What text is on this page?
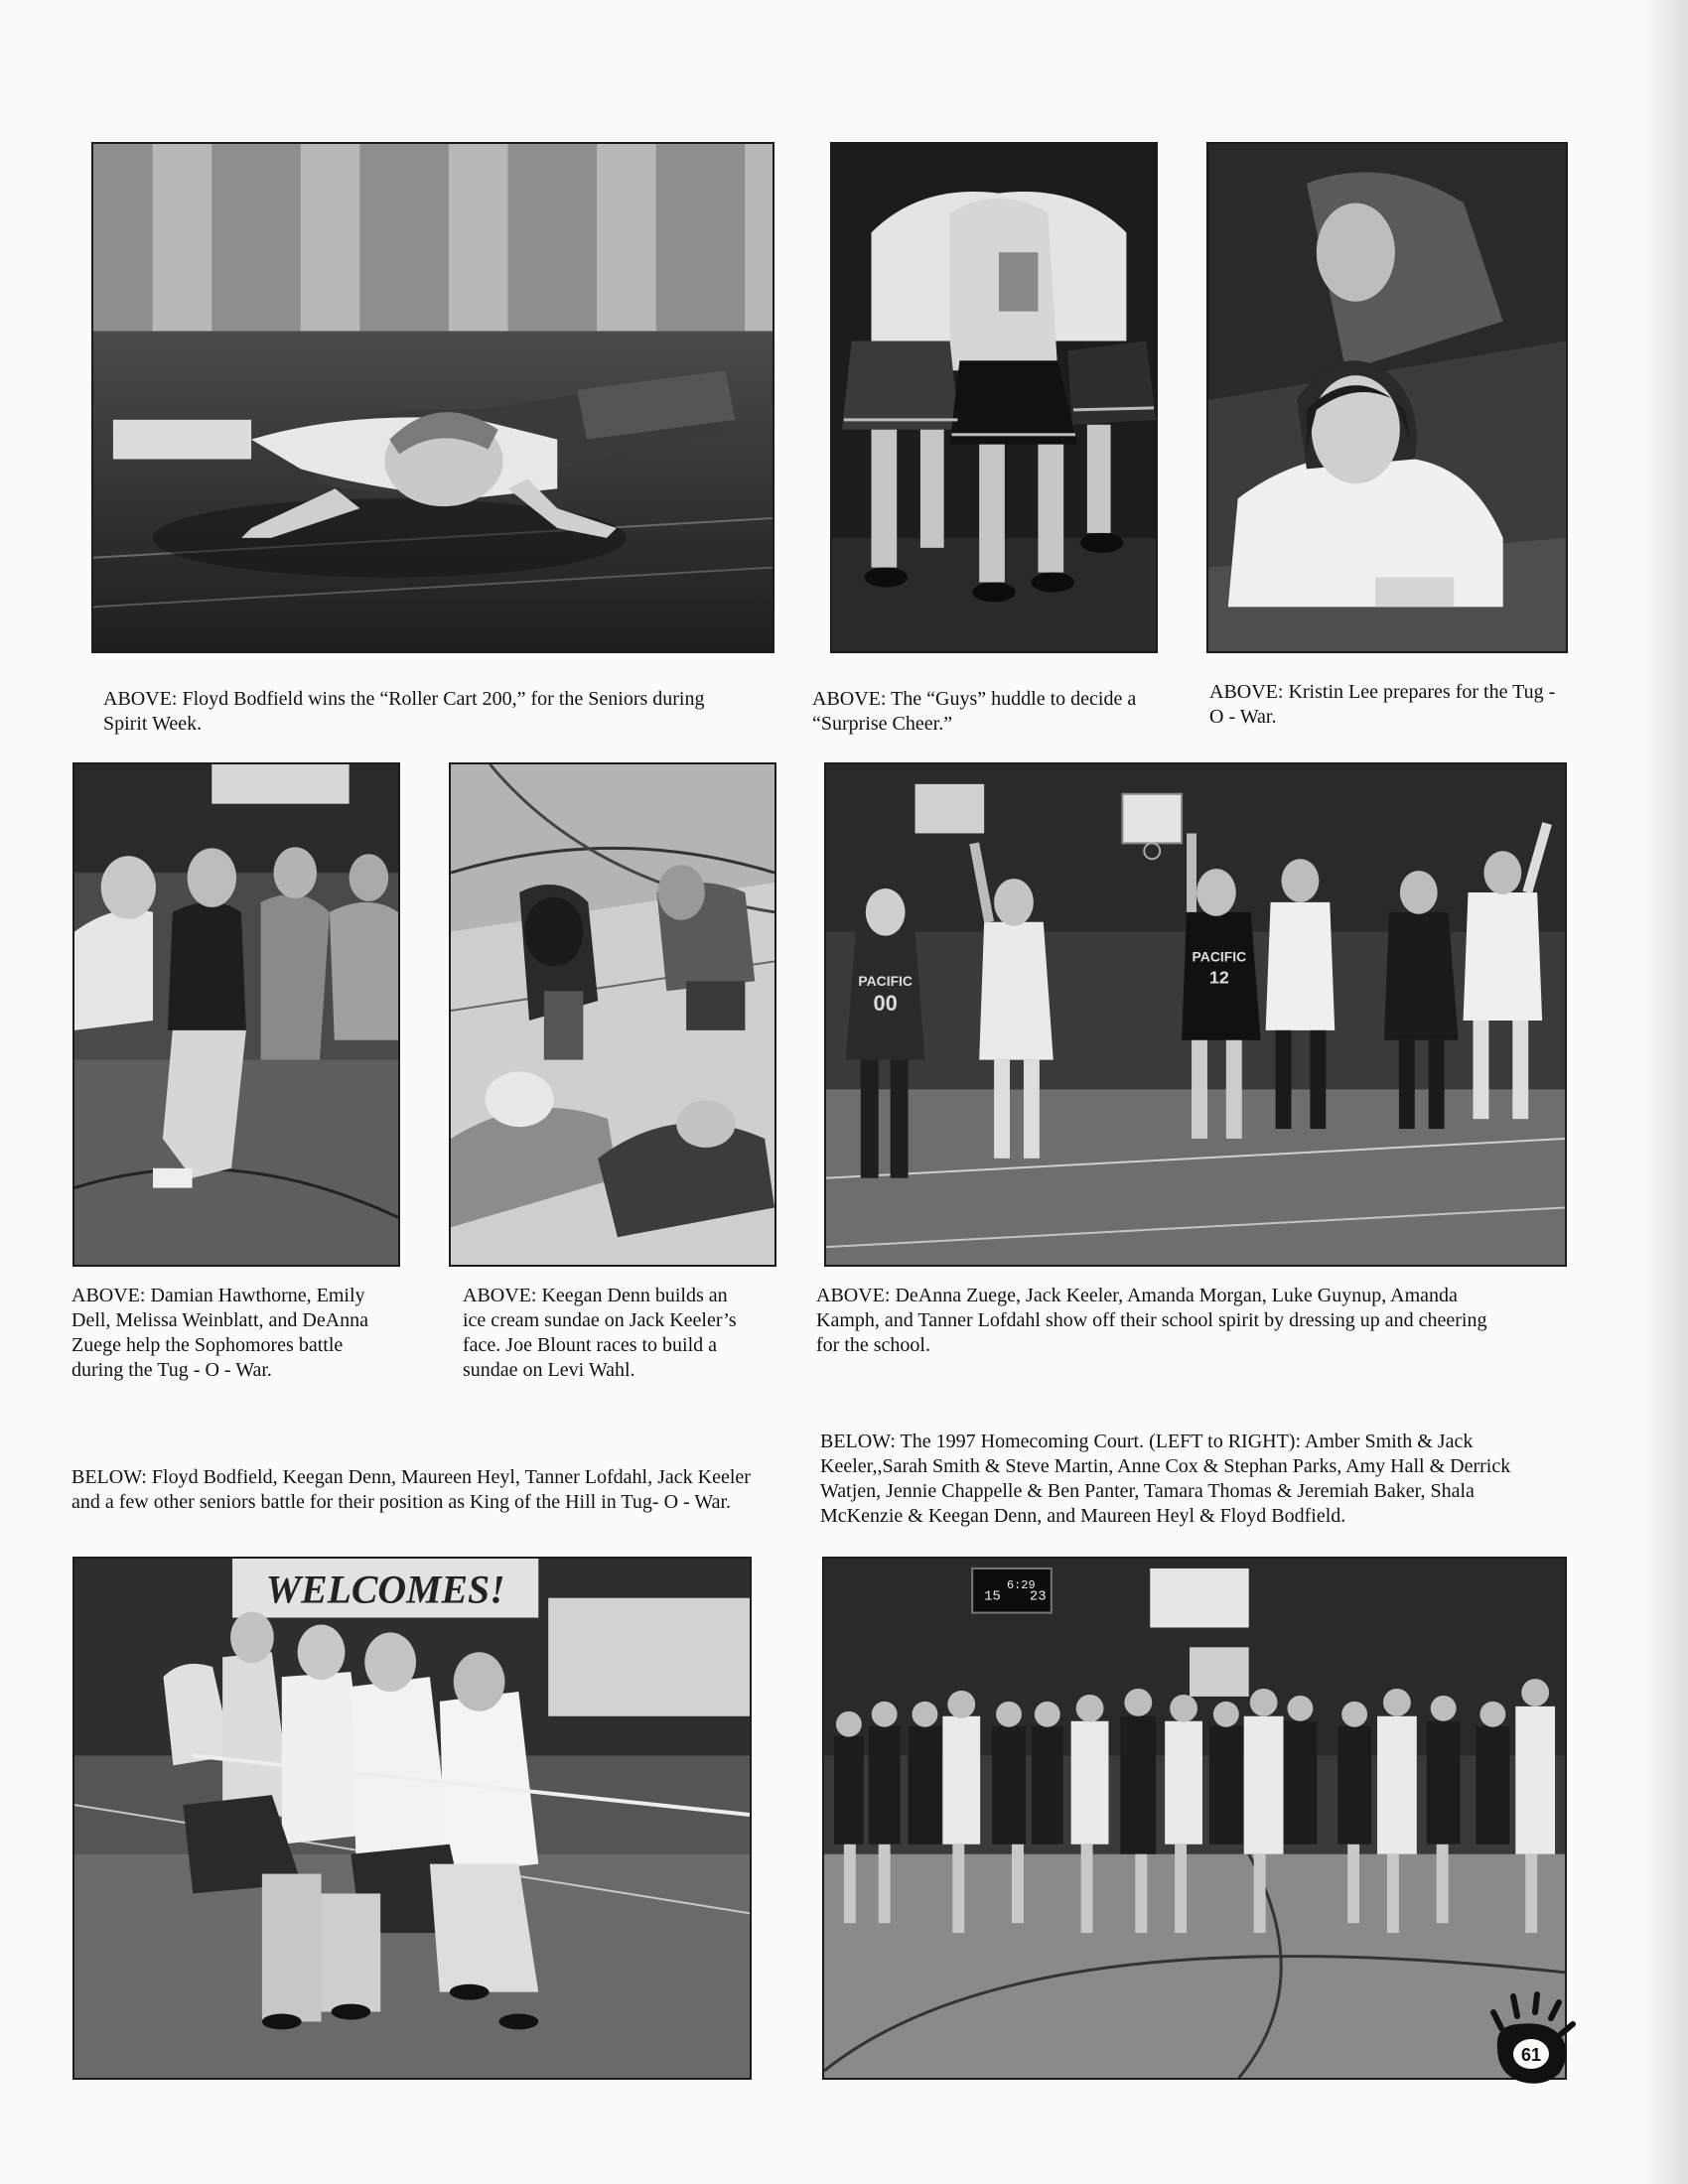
ABOVE: Floyd Bodfield wins the “Roller Cart 200,” for the Seniors during Spirit Week.

ABOVE: The “Guys” huddle to decide a “Surprise Cheer.”

ABOVE: Kristin Lee prepares for the Tug - O - War.

PACIFIC
00
PACIFIC
12

ABOVE: Damian Hawthorne, Emily Dell, Melissa Weinblatt, and DeAnna Zuege help the Sophomores battle during the Tug - O - War.

ABOVE: Keegan Denn builds an ice cream sundae on Jack Keeler’s face. Joe Blount races to build a sundae on Levi Wahl.

ABOVE: DeAnna Zuege, Jack Keeler, Amanda Morgan, Luke Guynup, Amanda Kamph, and Tanner Lofdahl show off their school spirit by dressing up and cheering for the school.

BELOW: Floyd Bodfield, Keegan Denn, Maureen Heyl, Tanner Lofdahl, Jack Keeler and a few other seniors battle for their position as King of the Hill in Tug- O - War.

BELOW: The 1997 Homecoming Court. (LEFT to RIGHT): Amber Smith & Jack Keeler,,Sarah Smith & Steve Martin, Anne Cox & Stephan Parks, Amy Hall & Derrick Watjen, Jennie Chappelle & Ben Panter, Tamara Thomas & Jeremiah Baker, Shala McKenzie & Keegan Denn, and Maureen Heyl & Floyd Bodfield.

WELCOMES!	15
6:29
23
61
